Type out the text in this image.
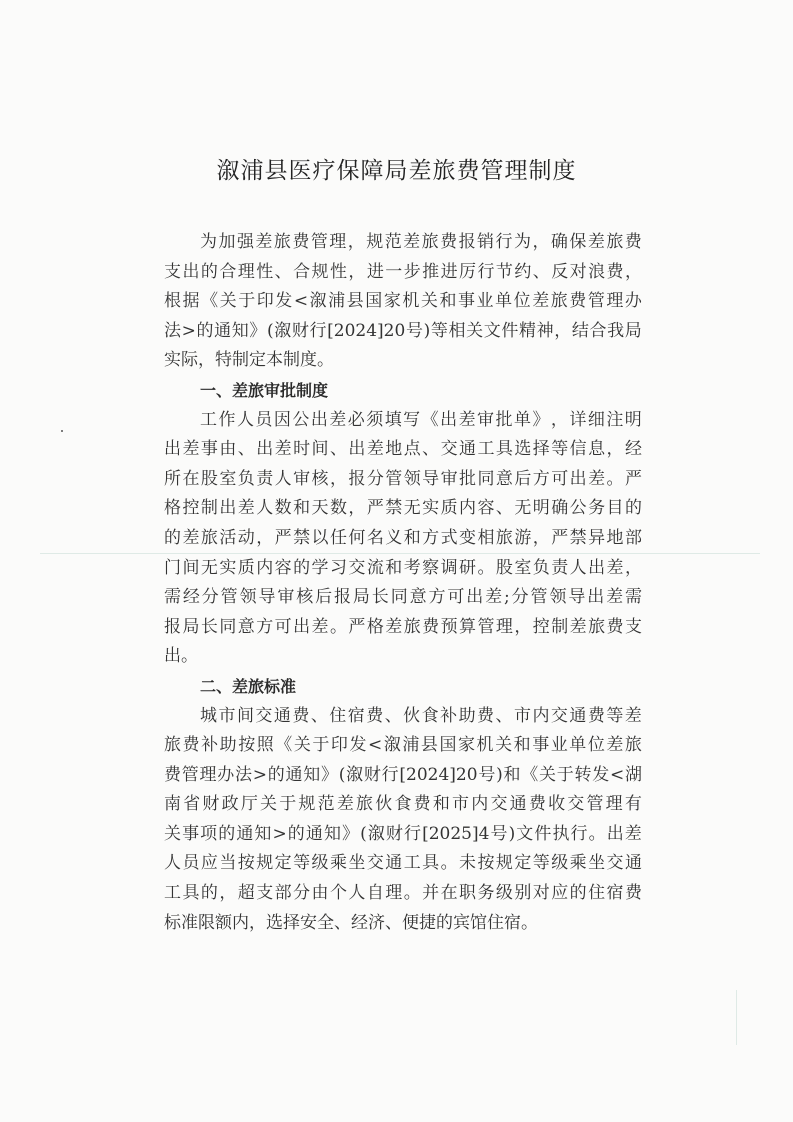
溆浦县医疗保障局差旅费管理制度
为 加 强 差 旅 费 管 理 ， 规 范 差 旅 费 报 销 行 为 ， 确 保 差 旅 费
支 出 的 合 理 性 、 合 规 性 ， 进 一 步 推 进 厉 行 节 约 、 反 对 浪 费 ，
根 据 《 关 于 印 发 < 溆 浦 县 国 家 机 关 和 事 业 单 位 差 旅 费 管 理 办
法 > 的 通 知 》 ( 溆 财 行 [2024]20 号 ) 等 相 关 文 件 精 神 ， 结 合 我 局
实际，特制定本制度。
一、差旅审批制度
工 作 人 员 因 公 出 差 必 须 填 写 《 出 差 审 批 单 》 ， 详 细 注 明
出 差 事 由 、 出 差 时 间 、 出 差 地 点 、 交 通 工 具 选 择 等 信 息 ， 经
所 在 股 室 负 责 人 审 核 ， 报 分 管 领 导 审 批 同 意 后 方 可 出 差 。 严
格 控 制 出 差 人 数 和 天 数 ， 严 禁 无 实 质 内 容 、 无 明 确 公 务 目 的
的 差 旅 活 动 ， 严 禁 以 任 何 名 义 和 方 式 变 相 旅 游 ， 严 禁 异 地 部
门 间 无 实 质 内 容 的 学 习 交 流 和 考 察 调 研 。 股 室 负 责 人 出 差 ，
需 经 分 管 领 导 审 核 后 报 局 长 同 意 方 可 出 差 ; 分 管 领 导 出 差 需
报 局 长 同 意 方 可 出 差 。 严 格 差 旅 费 预 算 管 理 ， 控 制 差 旅 费 支
出。
二、差旅标准
城 市 间 交 通 费 、 住 宿 费 、 伙 食 补 助 费 、 市 内 交 通 费 等 差
旅 费 补 助 按 照 《 关 于 印 发 < 溆 浦 县 国 家 机 关 和 事 业 单 位 差 旅
费 管 理 办 法 > 的 通 知 》 ( 溆 财 行 [2024]20 号 ) 和 《 关 于 转 发 < 湖
南 省 财 政 厅 关 于 规 范 差 旅 伙 食 费 和 市 内 交 通 费 收 交 管 理 有
关 事 项 的 通 知 > 的 通 知 》 ( 溆 财 行 [2025]4 号 ) 文 件 执 行 。 出 差
人 员 应 当 按 规 定 等 级 乘 坐 交 通 工 具 。 未 按 规 定 等 级 乘 坐 交 通
工 具 的 ， 超 支 部 分 由 个 人 自 理 。 并 在 职 务 级 别 对 应 的 住 宿 费
标准限额内，选择安全、经济、便捷的宾馆住宿。
